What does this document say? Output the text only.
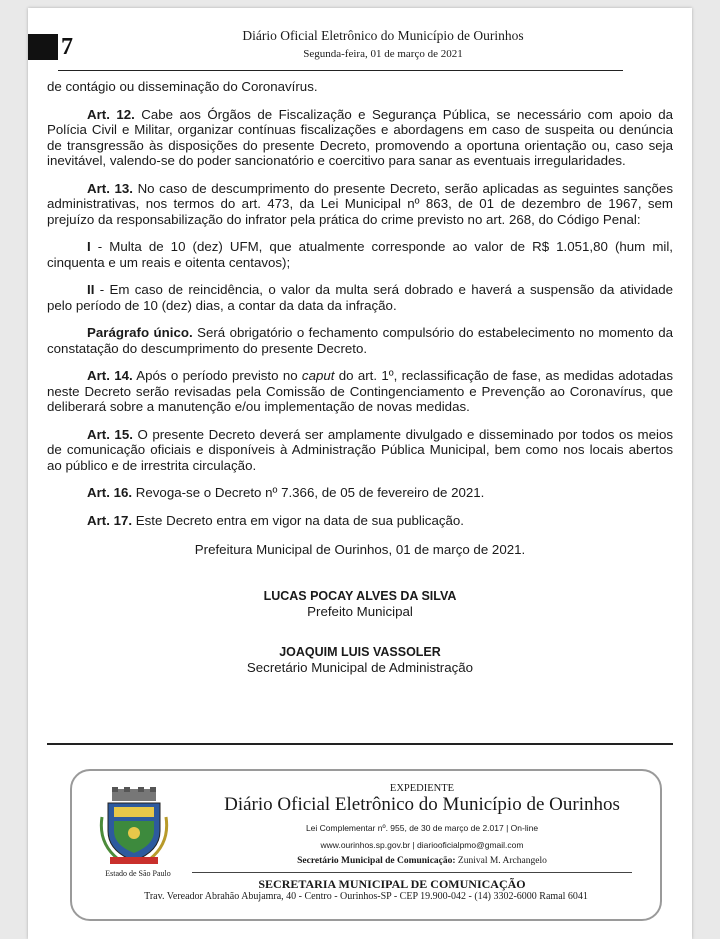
7	Diário Oficial Eletrônico do Município de Ourinhos
Segunda-feira, 01 de março de 2021

de contágio ou disseminação do Coronavírus.

Art. 12. Cabe aos Órgãos de Fiscalização e Segurança Pública, se necessário com apoio da Polícia Civil e Militar, organizar contínuas fiscalizações e abordagens em caso de suspeita ou denúncia de transgressão às disposições do presente Decreto, promovendo a oportuna orientação ou, caso seja inevitável, valendo-se do poder sancionatório e coercitivo para sanar as eventuais irregularidades.

Art. 13. No caso de descumprimento do presente Decreto, serão aplicadas as seguintes sanções administrativas, nos termos do art. 473, da Lei Municipal nº 863, de 01 de dezembro de 1967, sem prejuízo da responsabilização do infrator pela prática do crime previsto no art. 268, do Código Penal:

I - Multa de 10 (dez) UFM, que atualmente corresponde ao valor de R$ 1.051,80 (hum mil, cinquenta e um reais e oitenta centavos);

II - Em caso de reincidência, o valor da multa será dobrado e haverá a suspensão da atividade pelo período de 10 (dez) dias, a contar da data da infração.

Parágrafo único. Será obrigatório o fechamento compulsório do estabelecimento no momento da constatação do descumprimento do presente Decreto.

Art. 14. Após o período previsto no caput do art. 1º, reclassificação de fase, as medidas adotadas neste Decreto serão revisadas pela Comissão de Contingenciamento e Prevenção ao Coronavírus, que deliberará sobre a manutenção e/ou implementação de novas medidas.

Art. 15. O presente Decreto deverá ser amplamente divulgado e disseminado por todos os meios de comunicação oficiais e disponíveis à Administração Pública Municipal, bem como nos locais abertos ao público e de irrestrita circulação.

Art. 16. Revoga-se o Decreto nº 7.366, de 05 de fevereiro de 2021.

Art. 17. Este Decreto entra em vigor na data de sua publicação.

Prefeitura Municipal de Ourinhos, 01 de março de 2021.

LUCAS POCAY ALVES DA SILVA
Prefeito Municipal

JOAQUIM LUIS VASSOLER
Secretário Municipal de Administração

Estado de São Paulo
EXPEDIENTE
Diário Oficial Eletrônico do Município de Ourinhos
Lei Complementar nº. 955, de 30 de março de 2.017 | On-line
www.ourinhos.sp.gov.br | diariooficialpmo@gmail.com
Secretário Municipal de Comunicação: Zunival M. Archangelo
SECRETARIA MUNICIPAL DE COMUNICAÇÃO
Trav. Vereador Abrahão Abujamra, 40 - Centro - Ourinhos-SP - CEP 19.900-042 - (14) 3302-6000 Ramal 6041
